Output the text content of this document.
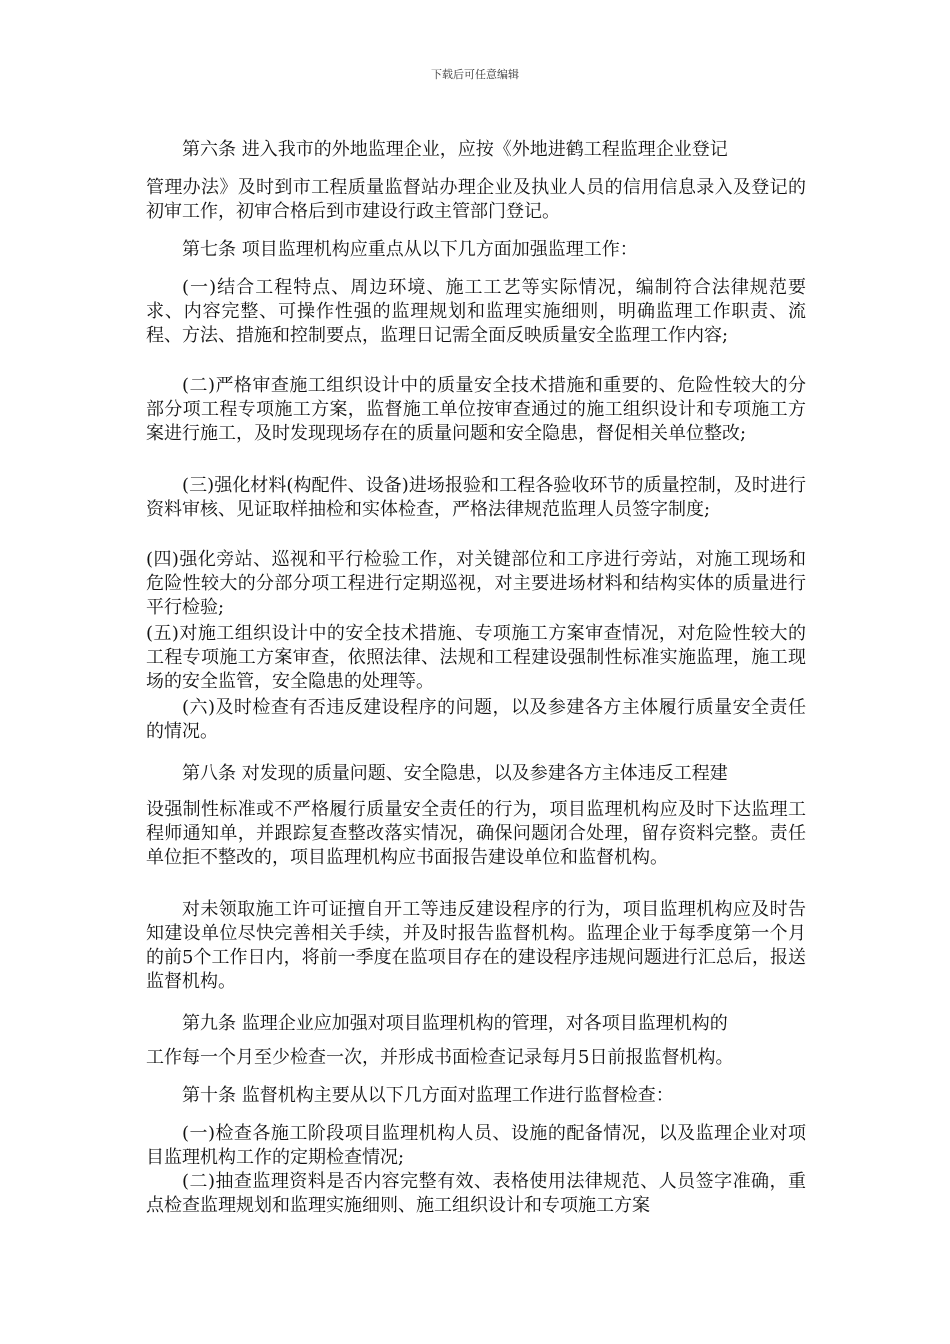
下载后可任意编辑
第六条 进入我市的外地监理企业，应按《外地进鹤工程监理企业登记
管理办法》及时到市工程质量监督站办理企业及执业人员的信用信息录入及登记的初审工作，初审合格后到市建设行政主管部门登记。
第七条 项目监理机构应重点从以下几方面加强监理工作：
(一)结合工程特点、周边环境、施工工艺等实际情况，编制符合法律规范要求、内容完整、可操作性强的监理规划和监理实施细则，明确监理工作职责、流程、方法、措施和控制要点，监理日记需全面反映质量安全监理工作内容;
(二)严格审查施工组织设计中的质量安全技术措施和重要的、危险性较大的分部分项工程专项施工方案，监督施工单位按审查通过的施工组织设计和专项施工方案进行施工，及时发现现场存在的质量问题和安全隐患，督促相关单位整改;
(三)强化材料(构配件、设备)进场报验和工程各验收环节的质量控制，及时进行资料审核、见证取样抽检和实体检查，严格法律规范监理人员签字制度;
(四)强化旁站、巡视和平行检验工作，对关键部位和工序进行旁站，对施工现场和危险性较大的分部分项工程进行定期巡视，对主要进场材料和结构实体的质量进行平行检验;
(五)对施工组织设计中的安全技术措施、专项施工方案审查情况，对危险性较大的工程专项施工方案审查，依照法律、法规和工程建设强制性标准实施监理，施工现场的安全监管，安全隐患的处理等。
(六)及时检查有否违反建设程序的问题，以及参建各方主体履行质量安全责任的情况。
第八条 对发现的质量问题、安全隐患，以及参建各方主体违反工程建
设强制性标准或不严格履行质量安全责任的行为，项目监理机构应及时下达监理工程师通知单，并跟踪复查整改落实情况，确保问题闭合处理，留存资料完整。责任单位拒不整改的，项目监理机构应书面报告建设单位和监督机构。
对未领取施工许可证擅自开工等违反建设程序的行为，项目监理机构应及时告知建设单位尽快完善相关手续，并及时报告监督机构。监理企业于每季度第一个月的前5个工作日内，将前一季度在监项目存在的建设程序违规问题进行汇总后，报送监督机构。
第九条 监理企业应加强对项目监理机构的管理，对各项目监理机构的
工作每一个月至少检查一次，并形成书面检查记录每月5日前报监督机构。
第十条 监督机构主要从以下几方面对监理工作进行监督检查：
(一)检查各施工阶段项目监理机构人员、设施的配备情况，以及监理企业对项目监理机构工作的定期检查情况;
(二)抽查监理资料是否内容完整有效、表格使用法律规范、人员签字准确，重点检查监理规划和监理实施细则、施工组织设计和专项施工方案
